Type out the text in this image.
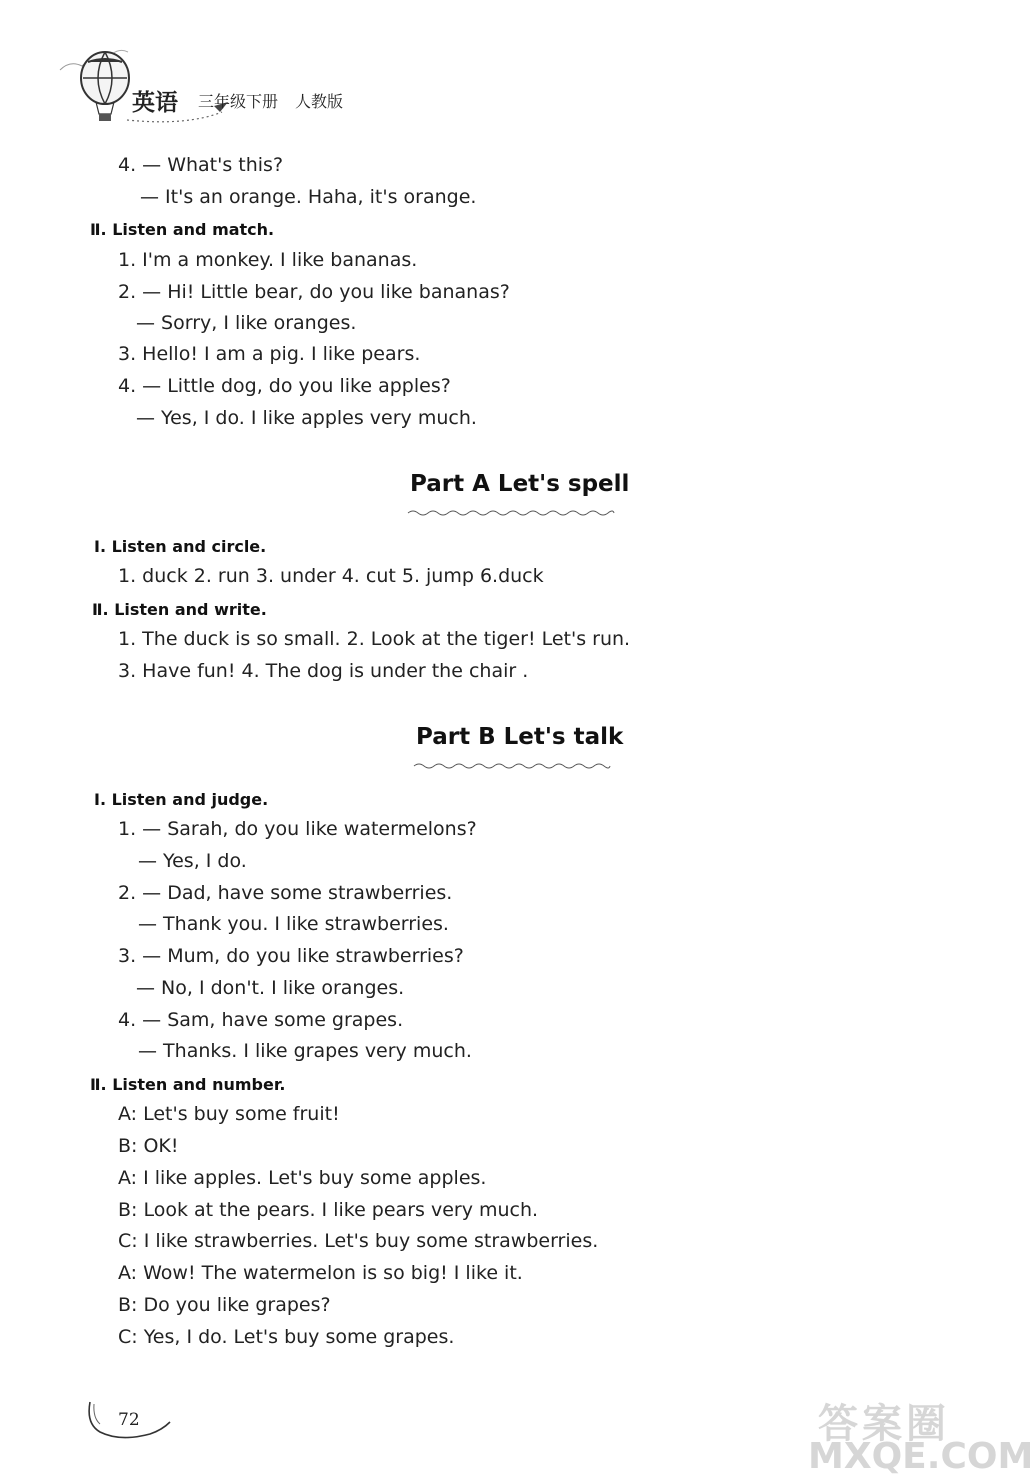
英语 三年级下册 人教版
4. — What's this?
— It's an orange. Haha, it's orange.
Ⅱ. Listen and match.
1. I'm a monkey. I like bananas.
2. — Hi! Little bear, do you like bananas?
— Sorry, I like oranges.
3. Hello! I am a pig. I like pears.
4. — Little dog, do you like apples?
— Yes, I do. I like apples very much.
Part A Let's spell
Ⅰ. Listen and circle.
1. duck 2. run 3. under 4. cut 5. jump 6.duck
Ⅱ. Listen and write.
1. The duck is so small. 2. Look at the tiger! Let's run.
3. Have fun! 4. The dog is under the chair .
Part B Let's talk
Ⅰ. Listen and judge.
1. — Sarah, do you like watermelons?
— Yes, I do.
2. — Dad, have some strawberries.
— Thank you. I like strawberries.
3. — Mum, do you like strawberries?
— No, I don't. I like oranges.
4. — Sam, have some grapes.
— Thanks. I like grapes very much.
Ⅱ. Listen and number.
A: Let's buy some fruit!
B: OK!
A: I like apples. Let's buy some apples.
B: Look at the pears. I like pears very much.
C: I like strawberries. Let's buy some strawberries.
A: Wow! The watermelon is so big! I like it.
B: Do you like grapes?
C: Yes, I do. Let's buy some grapes.
72	答案圈
MXQE.COM
